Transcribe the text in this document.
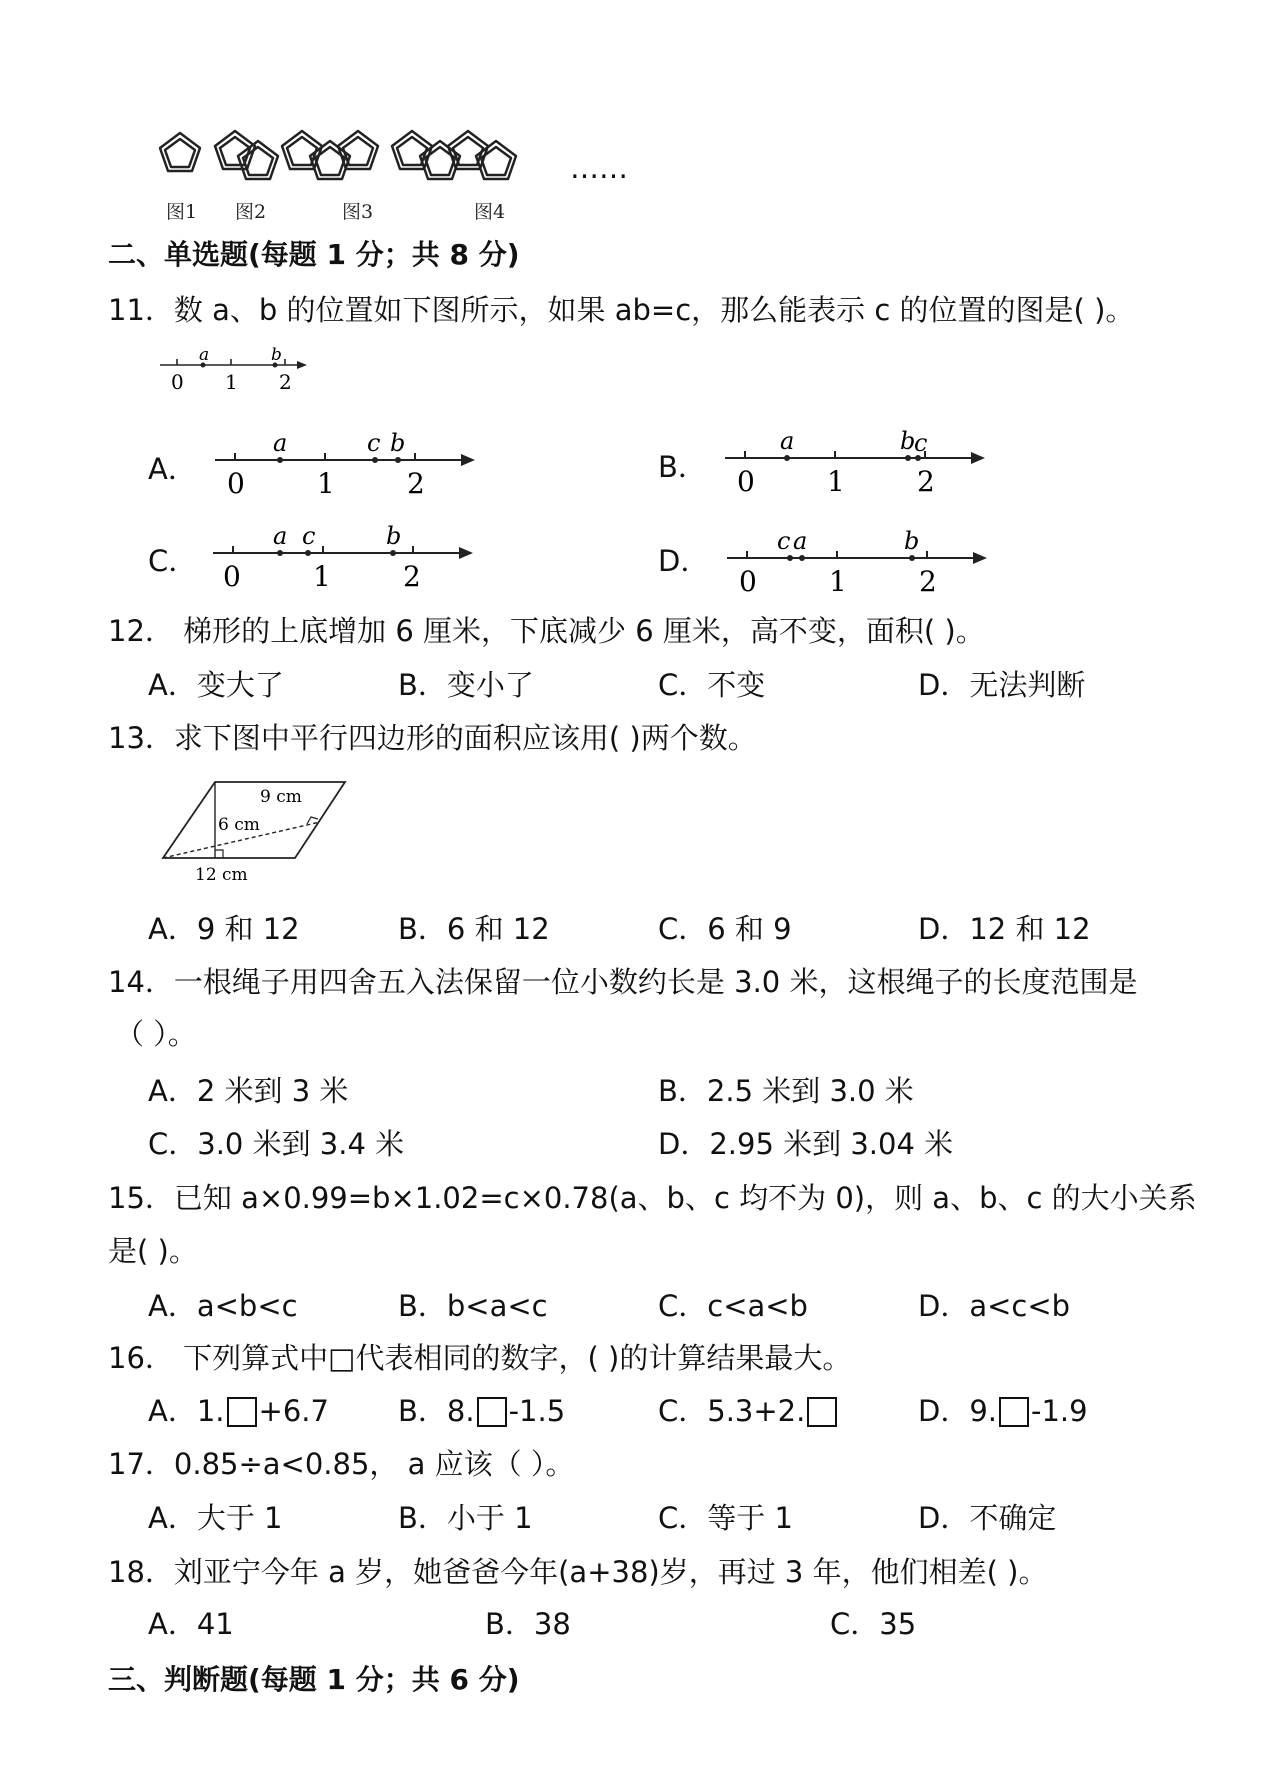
图1 图2	图3	图4
……
二、单选题(每题 1 分；共 8 分)
11．数 a、b 的位置如下图所示，如果 ab=c，那么能表示 c 的位置的图是( )。
a	b
0 1 2
A．
a	c b
0	1	2	B．
a	b
c
0	1	2
C．
a c	b
0	1	2	D．
c a	b
0	1	2
12． 梯形的上底增加 6 厘米，下底减少 6 厘米，高不变，面积( )。
A．变大了	B．变小了	C．不变	D．无法判断
13．求下图中平行四边形的面积应该用( )两个数。
9 cm
6 cm
12 cm
A．9 和 12	B．6 和 12	C．6 和 9	D．12 和 12
14．一根绳子用四舍五入法保留一位小数约长是 3.0 米，这根绳子的长度范围是
（ ）。
A．2 米到 3 米	B．2.5 米到 3.0 米
C．3.0 米到 3.4 米	D．2.95 米到 3.04 米
15．已知 a×0.99=b×1.02=c×0.78(a、b、c 均不为 0)，则 a、b、c 的大小关系
是( )。
A．a<b<c	B．b<a<c	C．c<a<b	D．a<c<b
16． 下列算式中□代表相同的数字，( )的计算结果最大。
A．1. +6.7 B．8. -1.5	C．5.3+2.	D．9. -1.9
17．0.85÷a<0.85， a 应该（ ）。
A．大于 1	B．小于 1	C．等于 1	D．不确定
18．刘亚宁今年 a 岁，她爸爸今年(a+38)岁，再过 3 年，他们相差( )。
A．41	B．38	C．35
三、判断题(每题 1 分；共 6 分)
